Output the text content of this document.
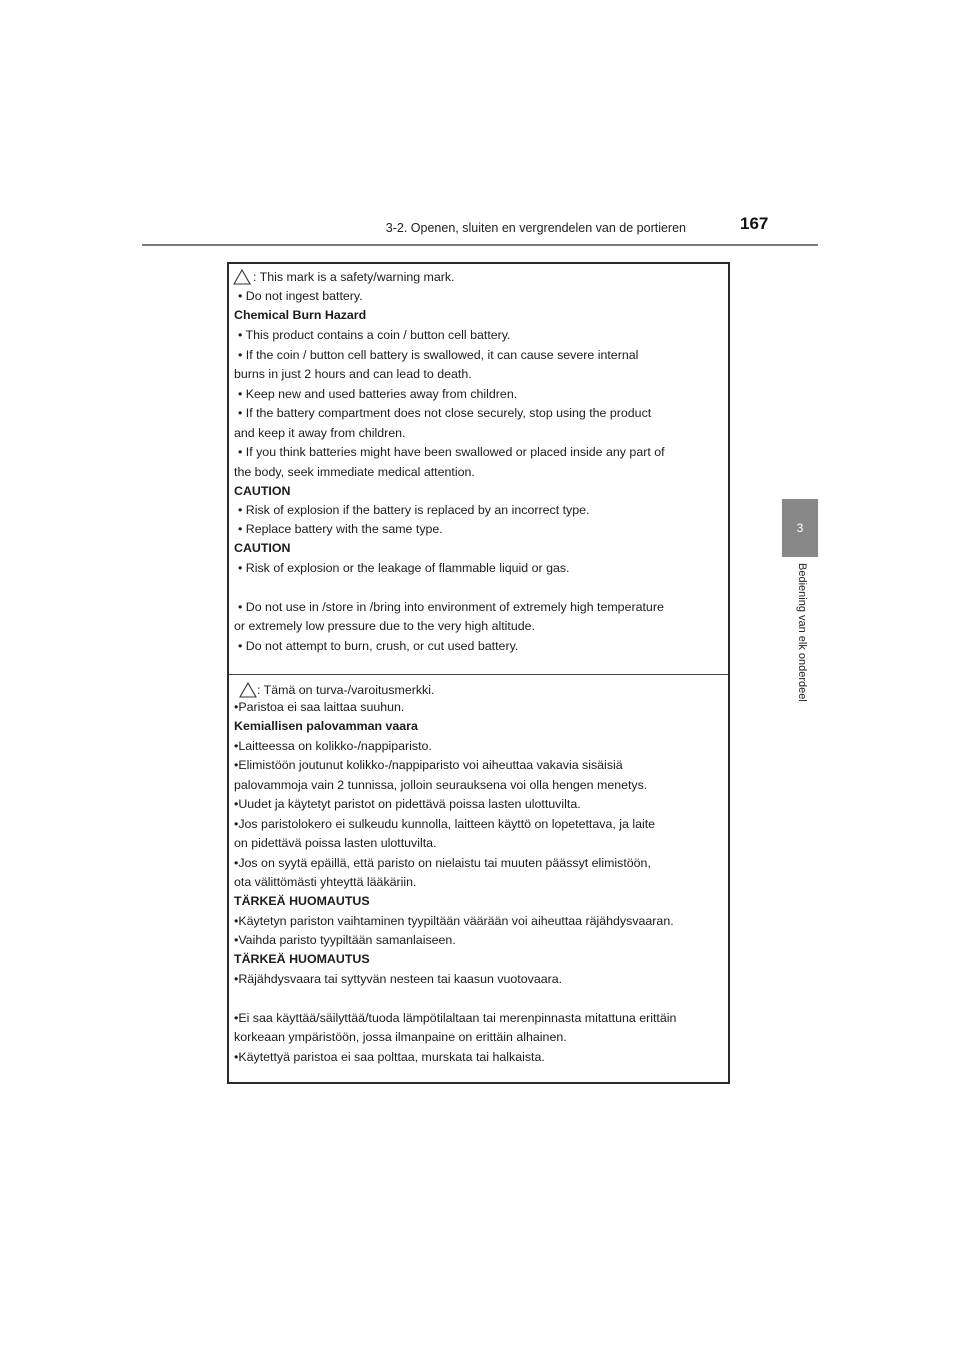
3-2. Openen, sluiten en vergrendelen van de portieren	167
3
Bediening van elk onderdeel
: This mark is a safety/warning mark.
• Do not ingest battery.
Chemical Burn Hazard
• This product contains a coin / button cell battery.
• If the coin / button cell battery is swallowed, it can cause severe internal
burns in just 2 hours and can lead to death.
• Keep new and used batteries away from children.
• If the battery compartment does not close securely, stop using the product
and keep it away from children.
• If you think batteries might have been swallowed or placed inside any part of
the body, seek immediate medical attention.
CAUTION
• Risk of explosion if the battery is replaced by an incorrect type.
• Replace battery with the same type.
CAUTION
• Risk of explosion or the leakage of flammable liquid or gas.
• Do not use in /store in /bring into environment of extremely high temperature
or extremely low pressure due to the very high altitude.
• Do not attempt to burn, crush, or cut used battery.
: Tämä on turva-/varoitusmerkki.
•Paristoa ei saa laittaa suuhun.
Kemiallisen palovamman vaara
•Laitteessa on kolikko-/nappiparisto.
•Elimistöön joutunut kolikko-/nappiparisto voi aiheuttaa vakavia sisäisiä
palovammoja vain 2 tunnissa, jolloin seurauksena voi olla hengen menetys.
•Uudet ja käytetyt paristot on pidettävä poissa lasten ulottuvilta.
•Jos paristolokero ei sulkeudu kunnolla, laitteen käyttö on lopetettava, ja laite
on pidettävä poissa lasten ulottuvilta.
•Jos on syytä epäillä, että paristo on nielaistu tai muuten päässyt elimistöön,
ota välittömästi yhteyttä lääkäriin.
TÄRKEÄ HUOMAUTUS
•Käytetyn pariston vaihtaminen tyypiltään väärään voi aiheuttaa räjähdysvaaran.
•Vaihda paristo tyypiltään samanlaiseen.
TÄRKEÄ HUOMAUTUS
•Räjähdysvaara tai syttyvän nesteen tai kaasun vuotovaara.
•Ei saa käyttää/säilyttää/tuoda lämpötilaltaan tai merenpinnasta mitattuna erittäin
korkeaan ympäristöön, jossa ilmanpaine on erittäin alhainen.
•Käytettyä paristoa ei saa polttaa, murskata tai halkaista.
